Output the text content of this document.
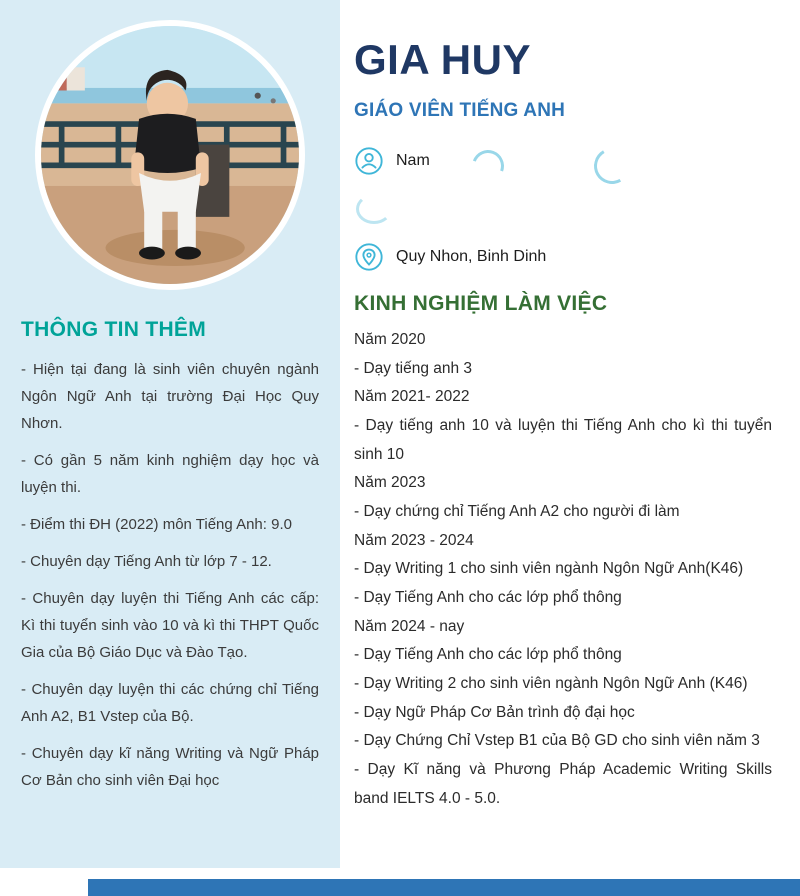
THÔNG TIN THÊM
- Hiện tại đang là sinh viên chuyên ngành Ngôn Ngữ Anh tại trường Đại Học Quy Nhơn.
- Có gần 5 năm kinh nghiệm dạy học và luyện thi.
- Điểm thi ĐH (2022) môn Tiếng Anh: 9.0
- Chuyên dạy Tiếng Anh từ lớp 7 - 12.
- Chuyên dạy luyện thi Tiếng Anh các cấp: Kì thi tuyển sinh vào 10 và kì thi THPT Quốc Gia của Bộ Giáo Dục và Đào Tạo.
- Chuyên dạy luyện thi các chứng chỉ Tiếng Anh A2, B1 Vstep của Bộ.
- Chuyên dạy kĩ năng Writing và Ngữ Pháp Cơ Bản cho sinh viên Đại học
GIA HUY
GIÁO VIÊN TIẾNG ANH
Nam
Quy Nhon, Binh Dinh
KINH NGHIỆM LÀM VIỆC
Năm 2020
- Dạy tiếng anh 3
Năm 2021- 2022
- Dạy tiếng anh 10 và luyện thi Tiếng Anh cho kì thi tuyển sinh 10
Năm 2023
- Dạy chứng chỉ Tiếng Anh A2 cho người đi làm
Năm 2023 - 2024
- Dạy Writing 1 cho sinh viên ngành Ngôn Ngữ Anh(K46)
- Dạy Tiếng Anh cho các lớp phổ thông
Năm 2024 - nay
- Dạy Tiếng Anh cho các lớp phổ thông
- Dạy Writing 2 cho sinh viên ngành Ngôn Ngữ Anh (K46)
- Dạy Ngữ Pháp Cơ Bản trình độ đại học
- Dạy Chứng Chỉ Vstep B1 của Bộ GD cho sinh viên năm 3
- Dạy Kĩ năng và Phương Pháp Academic Writing Skills band IELTS 4.0 - 5.0.
